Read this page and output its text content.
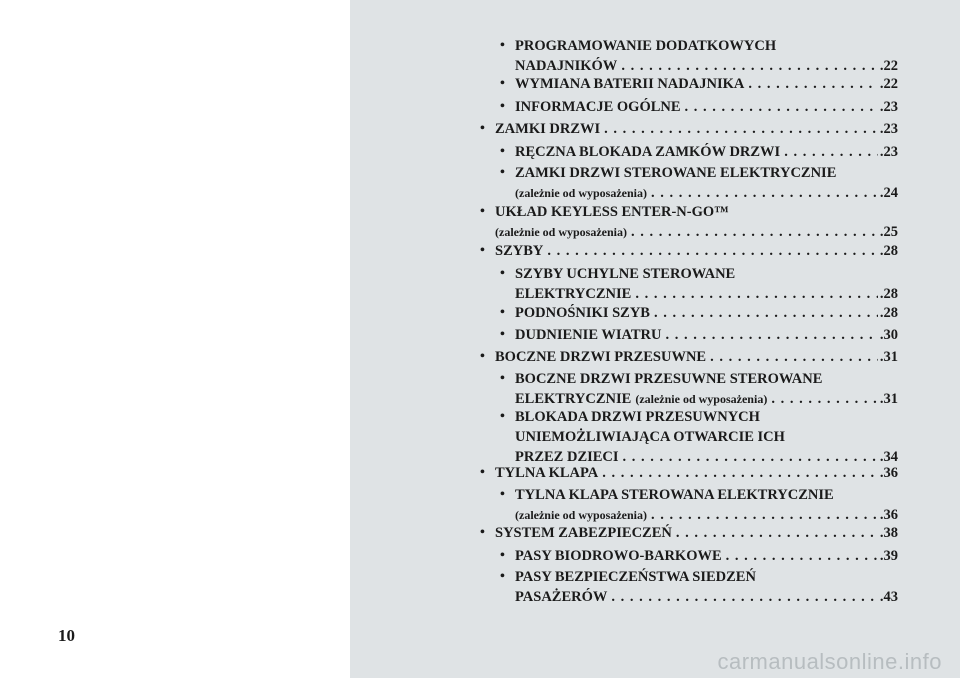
10
• PROGRAMOWANIE DODATKOWYCH
NADAJNIKÓW . . .	.22
• WYMIANA BATERII NADAJNIKA . . .	.22
• INFORMACJE OGÓLNE . . .	.23
• ZAMKI DRZWI . . .	.23
• RĘCZNA BLOKADA ZAMKÓW DRZWI . . .	.23
• ZAMKI DRZWI STEROWANE ELEKTRYCZNIE
(zależnie od wyposażenia) . . .	.24
• UKŁAD KEYLESS ENTER-N-GO™
(zależnie od wyposażenia) . . .	.25
• SZYBY . . .	.28
• SZYBY UCHYLNE STEROWANE
ELEKTRYCZNIE . . .	.28
• PODNOŚNIKI SZYB . . .	.28
• DUDNIENIE WIATRU . . .	.30
• BOCZNE DRZWI PRZESUWNE . . .	.31
• BOCZNE DRZWI PRZESUWNE STEROWANE
ELEKTRYCZNIE (zależnie od wyposażenia) . . .	.31
• BLOKADA DRZWI PRZESUWNYCH
UNIEMOŻLIWIAJĄCA OTWARCIE ICH
PRZEZ DZIECI . . .	.34
• TYLNA KLAPA . . .	.36
• TYLNA KLAPA STEROWANA ELEKTRYCZNIE
(zależnie od wyposażenia) . . .	.36
• SYSTEM ZABEZPIECZEŃ . . .	.38
• PASY BIODROWO-BARKOWE . . .	.39
• PASY BEZPIECZEŃSTWA SIEDZEŃ
PASAŻERÓW . . .	.43
carmanualsonline.info
